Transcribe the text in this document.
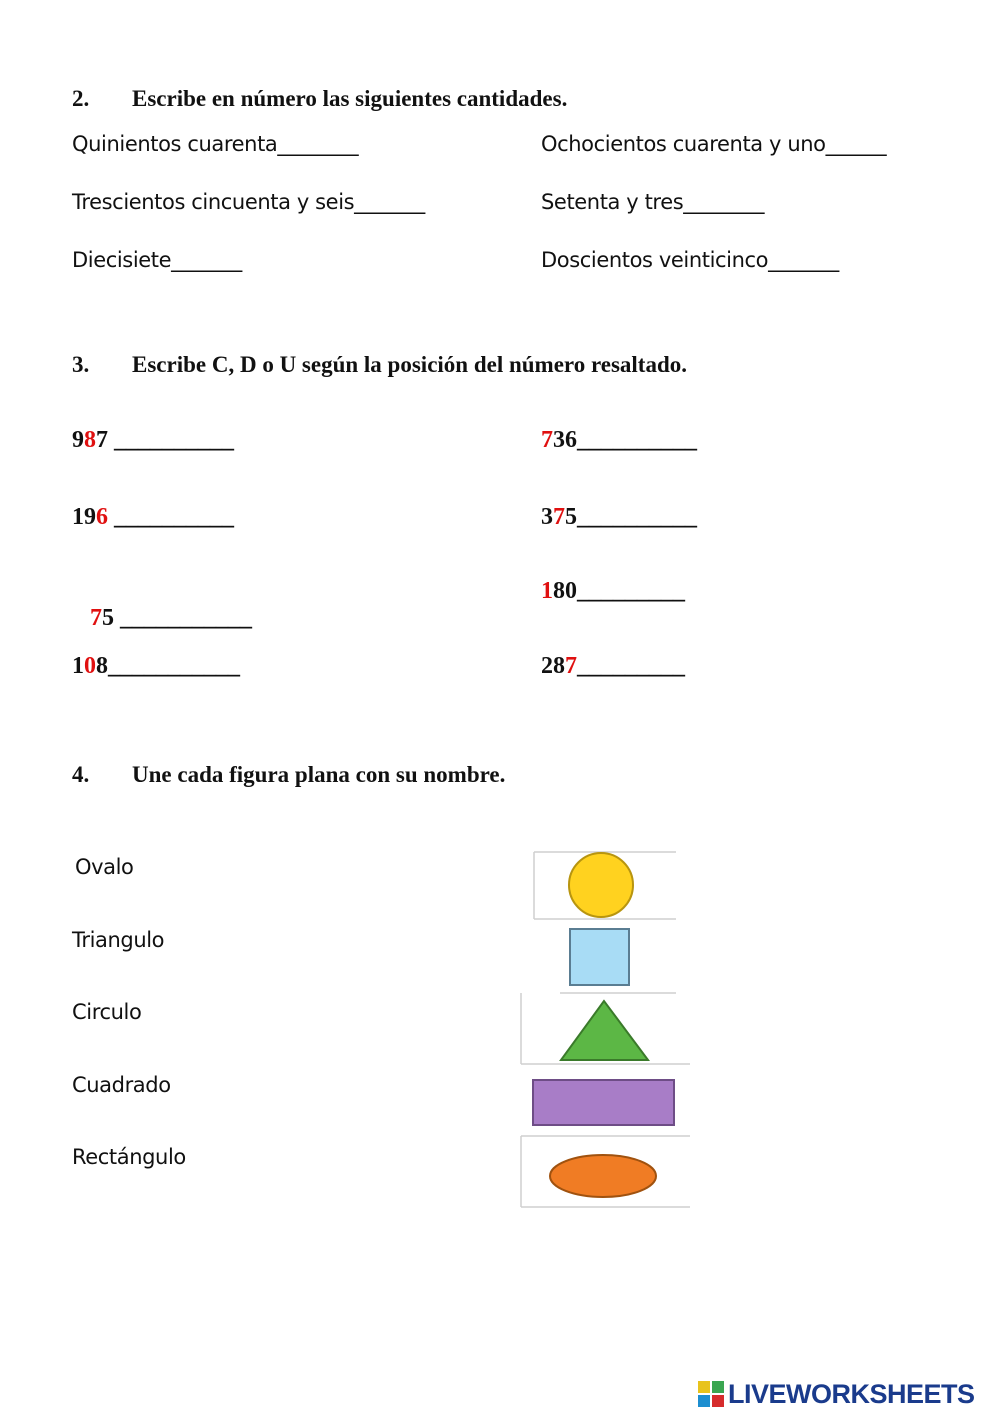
2. Escribe en número las siguientes cantidades.
Quinientos cuarenta________	Ochocientos cuarenta y uno______
Trescientos cincuenta y seis_______	Setenta y tres________
Diecisiete_______	Doscientos veinticinco_______
3. Escribe C, D o U según la posición del número resaltado.
987 __________	736__________
196 __________	375__________

75 ___________

180_________
108___________	287_________
4. Une cada figura plana con su nombre.
Ovalo
Triangulo
Circulo
Cuadrado
Rectángulo
LIVEWORKSHEETS
